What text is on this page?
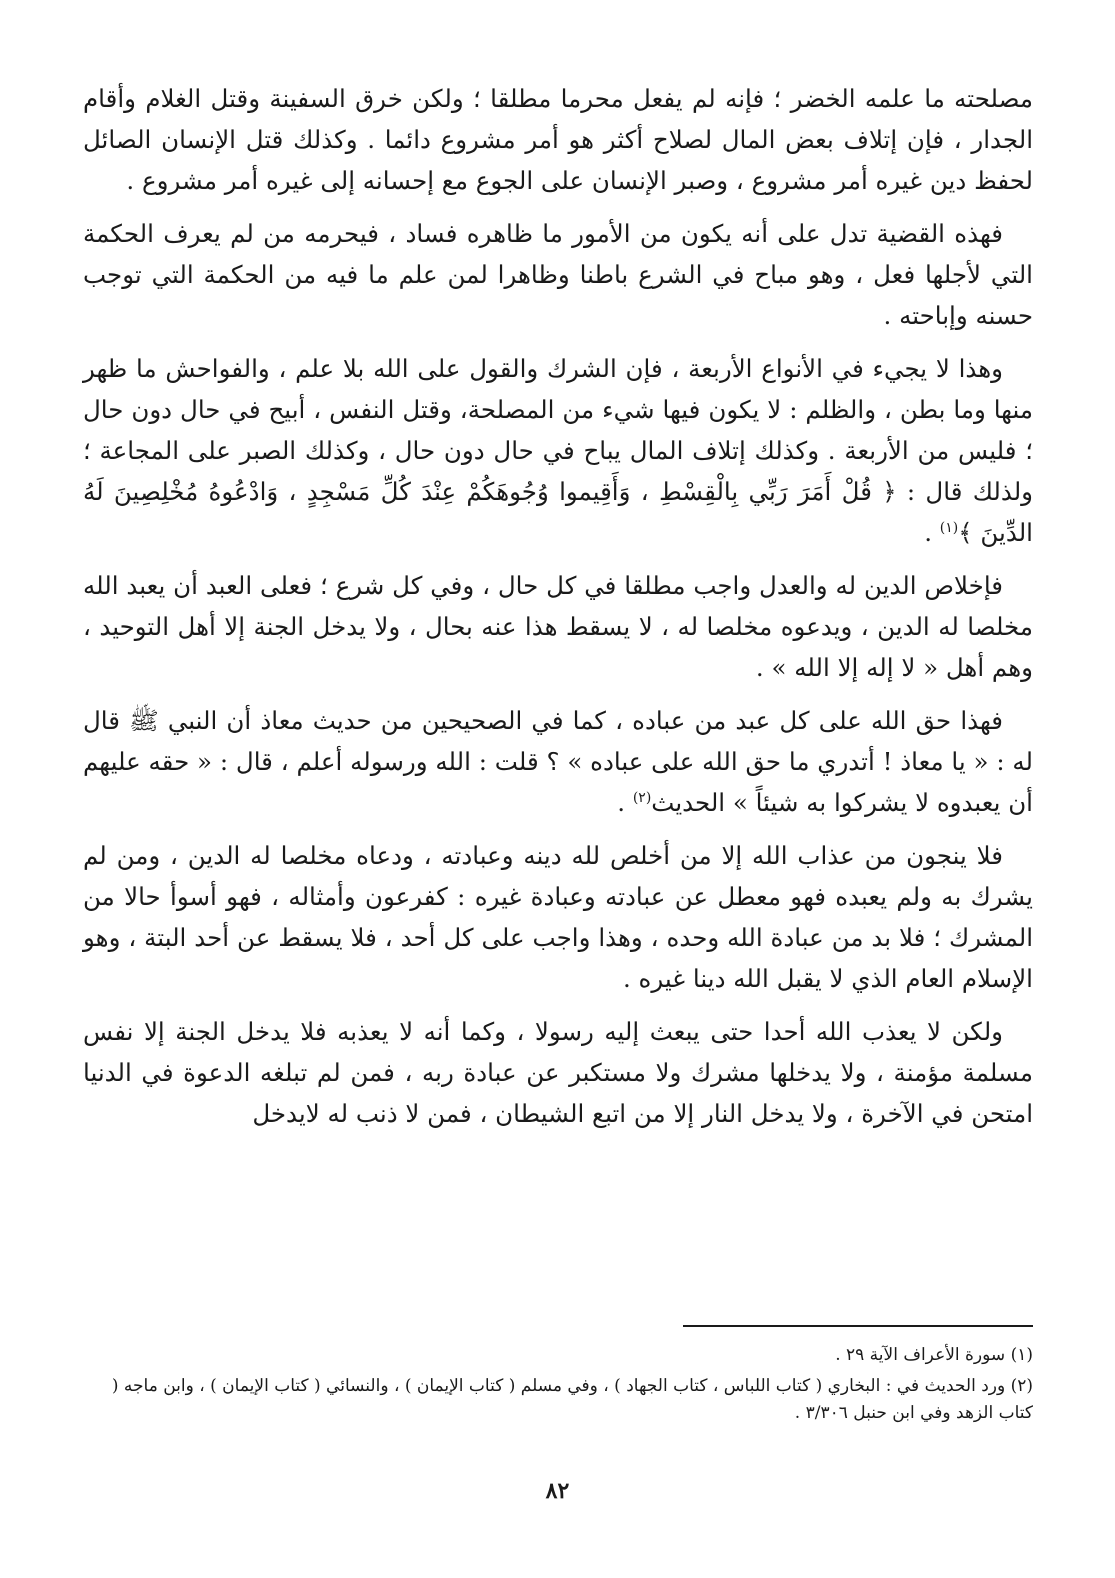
مصلحته ما علمه الخضر ؛ فإنه لم يفعل محرما مطلقا ؛ ولكن خرق السفينة وقتل الغلام وأقام الجدار ، فإن إتلاف بعض المال لصلاح أكثر هو أمر مشروع دائما . وكذلك قتل الإنسان الصائل لحفظ دين غيره أمر مشروع ، وصبر الإنسان على الجوع مع إحسانه إلى غيره أمر مشروع .

فهذه القضية تدل على أنه يكون من الأمور ما ظاهره فساد ، فيحرمه من لم يعرف الحكمة التي لأجلها فعل ، وهو مباح في الشرع باطنا وظاهرا لمن علم ما فيه من الحكمة التي توجب حسنه وإباحته .

وهذا لا يجيء في الأنواع الأربعة ، فإن الشرك والقول على الله بلا علم ، والفواحش ما ظهر منها وما بطن ، والظلم : لا يكون فيها شيء من المصلحة، وقتل النفس ، أبيح في حال دون حال ؛ فليس من الأربعة . وكذلك إتلاف المال يباح في حال دون حال ، وكذلك الصبر على المجاعة ؛ ولذلك قال : ﴿ قُلْ أَمَرَ رَبِّي بِالْقِسْطِ ، وَأَقِيموا وُجُوهَكُمْ عِنْدَ كُلِّ مَسْجِدٍ ، وَادْعُوهُ مُخْلِصِينَ لَهُ الدِّينَ ﴾$^{(١)}$ .

فإخلاص الدين له والعدل واجب مطلقا في كل حال ، وفي كل شرع ؛ فعلى العبد أن يعبد الله مخلصا له الدين ، ويدعوه مخلصا له ، لا يسقط هذا عنه بحال ، ولا يدخل الجنة إلا أهل التوحيد ، وهم أهل « لا إله إلا الله » .

فهذا حق الله على كل عبد من عباده ، كما في الصحيحين من حديث معاذ أن النبي ﷺ قال له : « يا معاذ ! أتدري ما حق الله على عباده » ؟ قلت : الله ورسوله أعلم ، قال : « حقه عليهم أن يعبدوه لا يشركوا به شيئاً » الحديث$^{(٢)}$ .

فلا ينجون من عذاب الله إلا من أخلص لله دينه وعبادته ، ودعاه مخلصا له الدين ، ومن لم يشرك به ولم يعبده فهو معطل عن عبادته وعبادة غيره : كفرعون وأمثاله ، فهو أسوأ حالا من المشرك ؛ فلا بد من عبادة الله وحده ، وهذا واجب على كل أحد ، فلا يسقط عن أحد البتة ، وهو الإسلام العام الذي لا يقبل الله دينا غيره .

ولكن لا يعذب الله أحدا حتى يبعث إليه رسولا ، وكما أنه لا يعذبه فلا يدخل الجنة إلا نفس مسلمة مؤمنة ، ولا يدخلها مشرك ولا مستكبر عن عبادة ربه ، فمن لم تبلغه الدعوة في الدنيا امتحن في الآخرة ، ولا يدخل النار إلا من اتبع الشيطان ، فمن لا ذنب له لايدخل

(١) سورة الأعراف الآية ٢٩ .

(٢) ورد الحديث في : البخاري ( كتاب اللباس ، كتاب الجهاد ) ، وفي مسلم ( كتاب الإيمان ) ، والنسائي ( كتاب الإيمان ) ، وابن ماجه ( كتاب الزهد وفي ابن حنبل ٣/٣٠٦ .

٨٢
